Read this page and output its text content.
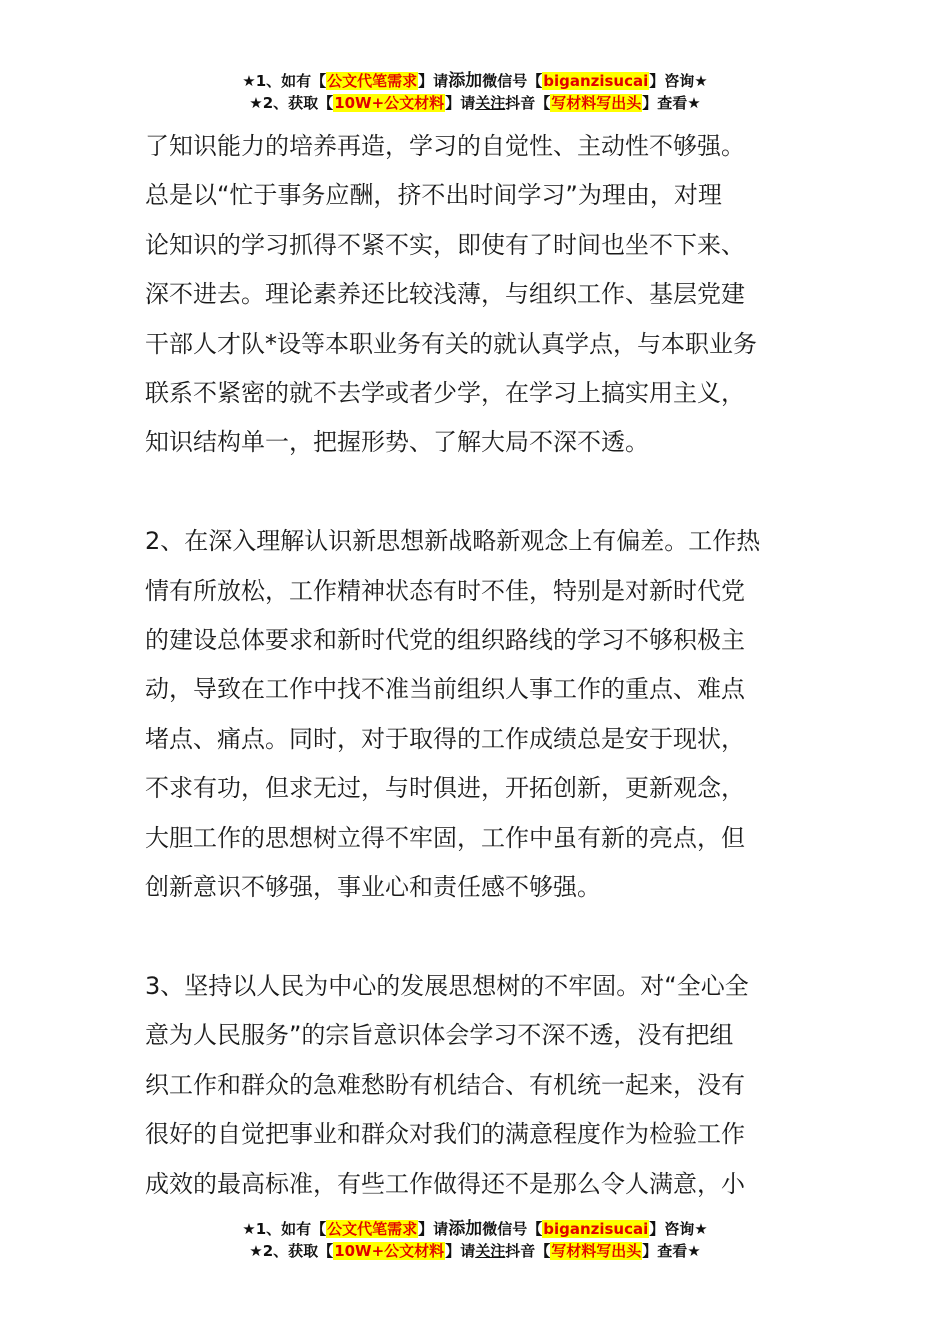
★1、如有【公文代笔需求】请添加微信号【biganzisucai】咨询★
★2、获取【10W+公文材料】请关注抖音【写材料写出头】查看★

了知识能力的培养再造，学习的自觉性、主动性不够强。

总是以“忙于事务应酬，挤不出时间学习”为理由，对理

论知识的学习抓得不紧不实，即使有了时间也坐不下来、

深不进去。理论素养还比较浅薄，与组织工作、基层党建

干部人才队*设等本职业务有关的就认真学点，与本职业务

联系不紧密的就不去学或者少学，在学习上搞实用主义，

知识结构单一，把握形势、了解大局不深不透。

2、在深入理解认识新思想新战略新观念上有偏差。工作热

情有所放松，工作精神状态有时不佳，特别是对新时代党

的建设总体要求和新时代党的组织路线的学习不够积极主

动，导致在工作中找不准当前组织人事工作的重点、难点

堵点、痛点。同时，对于取得的工作成绩总是安于现状，

不求有功，但求无过，与时俱进，开拓创新，更新观念，

大胆工作的思想树立得不牢固，工作中虽有新的亮点，但

创新意识不够强，事业心和责任感不够强。

3、坚持以人民为中心的发展思想树的不牢固。对“全心全

意为人民服务”的宗旨意识体会学习不深不透，没有把组

织工作和群众的急难愁盼有机结合、有机统一起来，没有

很好的自觉把事业和群众对我们的满意程度作为检验工作

成效的最高标准，有些工作做得还不是那么令人满意，小

★1、如有【公文代笔需求】请添加微信号【biganzisucai】咨询★
★2、获取【10W+公文材料】请关注抖音【写材料写出头】查看★
